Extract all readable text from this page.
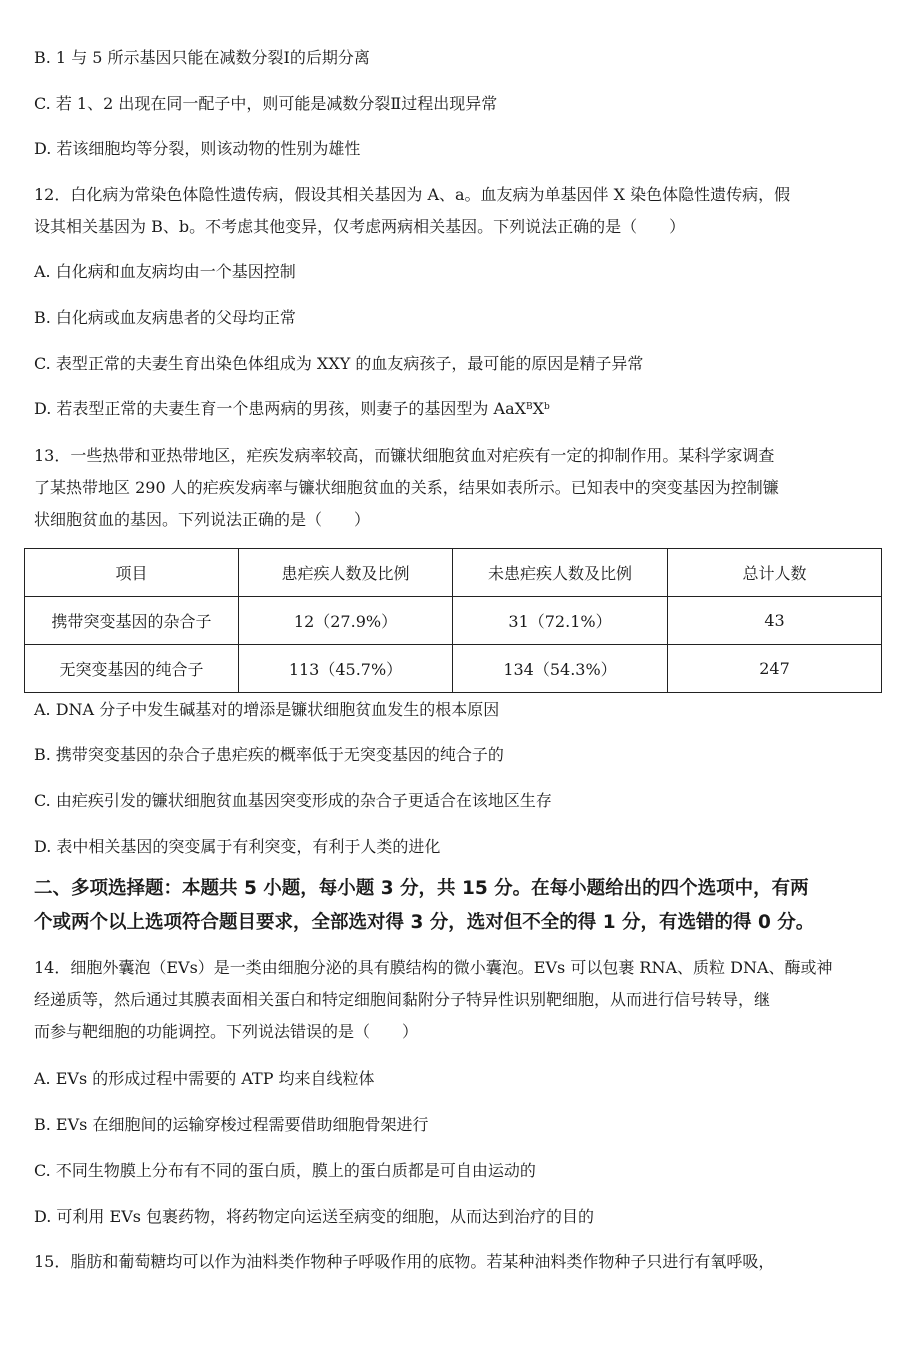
B. 1 与 5 所示基因只能在减数分裂Ⅰ的后期分离
C. 若 1、2 出现在同一配子中，则可能是减数分裂Ⅱ过程出现异常
D. 若该细胞均等分裂，则该动物的性别为雄性
12．白化病为常染色体隐性遗传病，假设其相关基因为 A、a。血友病为单基因伴 X 染色体隐性遗传病，假
设其相关基因为 B、b。不考虑其他变异，仅考虑两病相关基因。下列说法正确的是（　　）
A. 白化病和血友病均由一个基因控制
B. 白化病或血友病患者的父母均正常
C. 表型正常的夫妻生育出染色体组成为 XXY 的血友病孩子，最可能的原因是精子异常
D. 若表型正常的夫妻生育一个患两病的男孩，则妻子的基因型为 $AaX^BX^b$
13．一些热带和亚热带地区，疟疾发病率较高，而镰状细胞贫血对疟疾有一定的抑制作用。某科学家调查
了某热带地区 290 人的疟疾发病率与镰状细胞贫血的关系，结果如表所示。已知表中的突变基因为控制镰
状细胞贫血的基因。下列说法正确的是（　　）
项目	患疟疾人数及比例	未患疟疾人数及比例	总计人数
携带突变基因的杂合子	12（27.9%）	31（72.1%）	43
无突变基因的纯合子	113（45.7%）	134（54.3%）	247
A. DNA 分子中发生碱基对的增添是镰状细胞贫血发生的根本原因
B. 携带突变基因的杂合子患疟疾的概率低于无突变基因的纯合子的
C. 由疟疾引发的镰状细胞贫血基因突变形成的杂合子更适合在该地区生存
D. 表中相关基因的突变属于有利突变，有利于人类的进化
二、多项选择题：本题共 5 小题，每小题 3 分，共 15 分。在每小题给出的四个选项中，有两
个或两个以上选项符合题目要求，全部选对得 3 分，选对但不全的得 1 分，有选错的得 0 分。
14．细胞外囊泡（EVs）是一类由细胞分泌的具有膜结构的微小囊泡。EVs 可以包裹 RNA、质粒 DNA、酶或神
经递质等，然后通过其膜表面相关蛋白和特定细胞间黏附分子特异性识别靶细胞，从而进行信号转导，继
而参与靶细胞的功能调控。下列说法错误的是（　　）
A. EVs 的形成过程中需要的 ATP 均来自线粒体
B. EVs 在细胞间的运输穿梭过程需要借助细胞骨架进行
C. 不同生物膜上分布有不同的蛋白质，膜上的蛋白质都是可自由运动的
D. 可利用 EVs 包裹药物，将药物定向运送至病变的细胞，从而达到治疗的目的
15．脂肪和葡萄糖均可以作为油料类作物种子呼吸作用的底物。若某种油料类作物种子只进行有氧呼吸，
